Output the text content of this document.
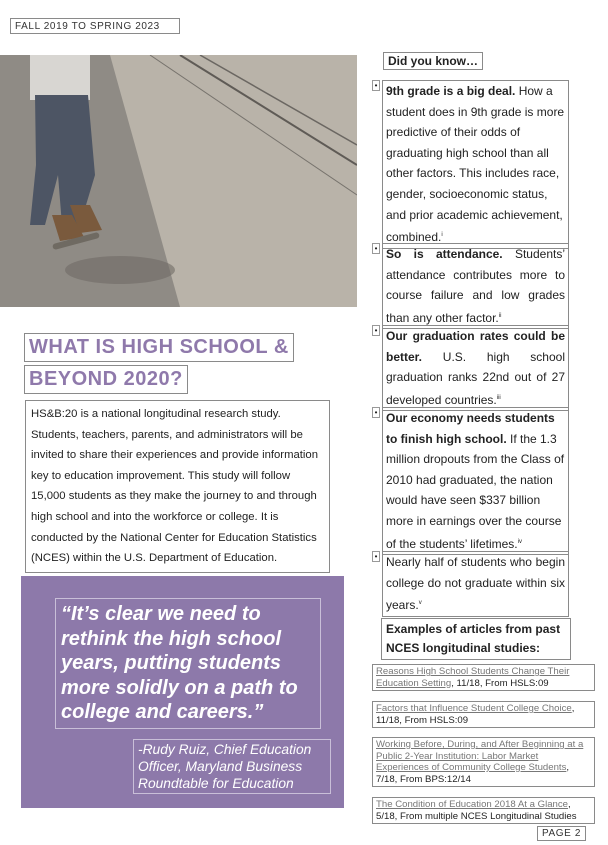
FALL 2019 TO SPRING 2023
WHAT IS HIGH SCHOOL &
BEYOND 2020?
HS&B:20 is a national longitudinal research study. Students, teachers, parents, and administrators will be invited to share their experiences and provide information key to education improvement. This study will follow 15,000 students as they make the journey to and through high school and into the workforce or college. It is conducted by the National Center for Education Statistics (NCES) within the U.S. Department of Education.
“It’s clear we need to rethink the high school years, putting students more solidly on a path to college and careers.”
-Rudy Ruiz, Chief Education Officer, Maryland Business Roundtable for Education
Did you know…
• 9th grade is a big deal. How a student does in 9th grade is more predictive of their odds of graduating high school than all other factors. This includes race, gender, socioeconomic status, and prior academic achievement, combined.$^i$
• So is attendance. Students’ attendance contributes more to course failure and low grades than any other factor.$^{ii}$
• Our graduation rates could be better. U.S. high school graduation ranks 22nd out of 27 developed countries.$^{iii}$
• Our economy needs students to finish high school. If the 1.3 million dropouts from the Class of 2010 had graduated, the nation would have seen $337 billion more in earnings over the course of the students’ lifetimes.$^{iv}$
• Nearly half of students who begin college do not graduate within six years.$^v$
Examples of articles from past NCES longitudinal studies:
Reasons High School Students Change Their Education Setting, 11/18, From HSLS:09
Factors that Influence Student College Choice, 11/18, From HSLS:09
Working Before, During, and After Beginning at a Public 2-Year Institution: Labor Market Experiences of Community College Students, 7/18, From BPS:12/14
The Condition of Education 2018 At a Glance, 5/18, From multiple NCES Longitudinal Studies
PAGE 2
